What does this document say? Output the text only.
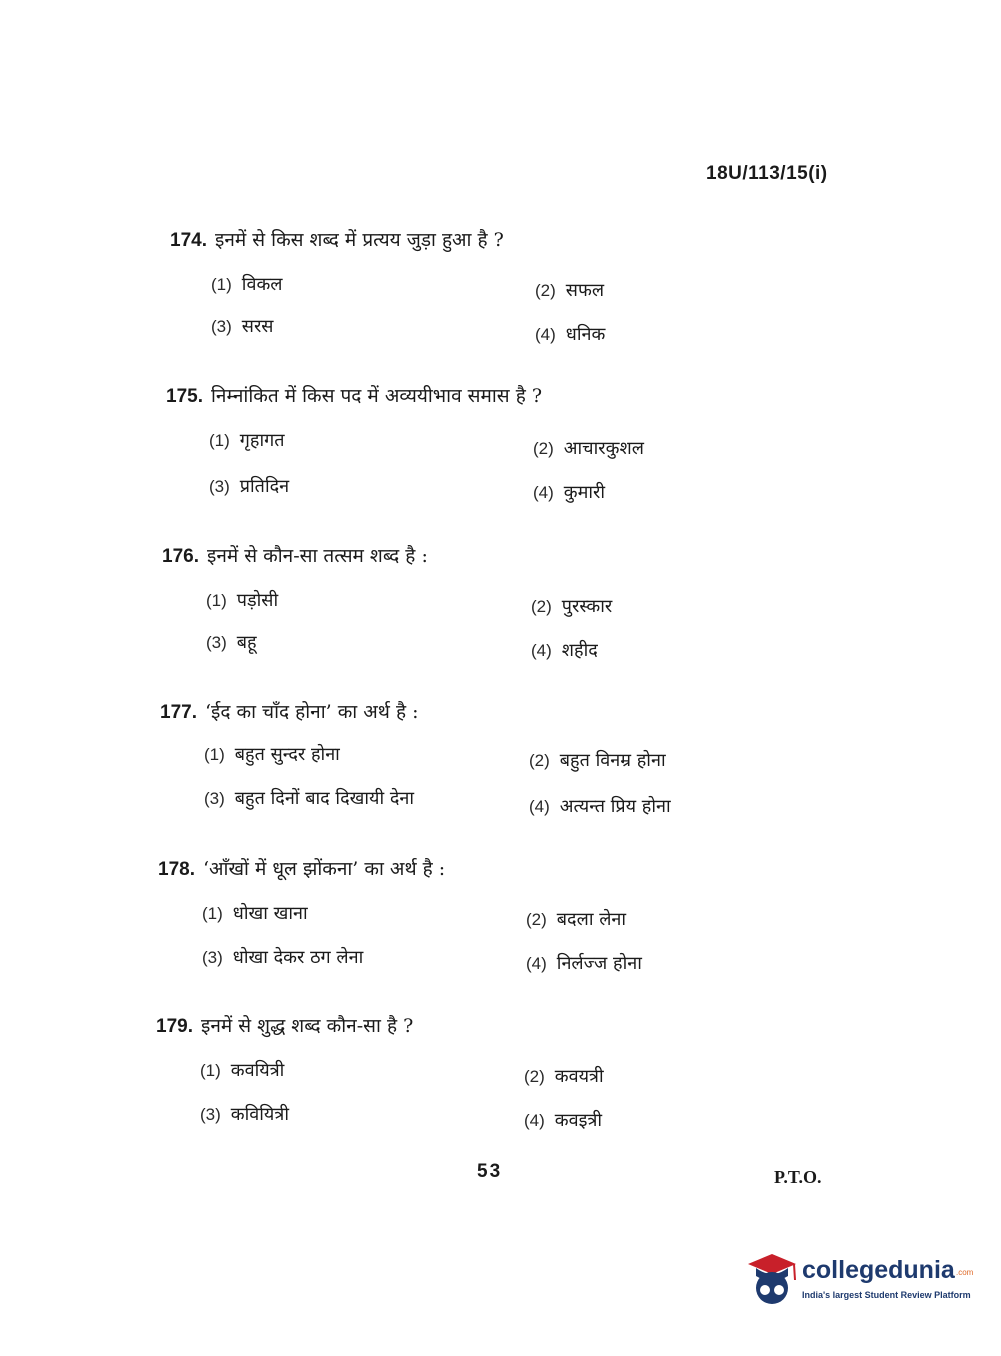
18U/113/15(i)
174. इनमें से किस शब्द में प्रत्यय जुड़ा हुआ है ?
(1) विकल	(2) सफल
(3) सरस	(4) धनिक
175. निम्नांकित में किस पद में अव्ययीभाव समास है ?
(1) गृहागत	(2) आचारकुशल
(3) प्रतिदिन	(4) कुमारी
176. इनमें से कौन-सा तत्सम शब्द है :
(1) पड़ोसी	(2) पुरस्कार
(3) बहू	(4) शहीद
177. ‘ईद का चाँद होना’ का अर्थ है :
(1) बहुत सुन्दर होना	(2) बहुत विनम्र होना
(3) बहुत दिनों बाद दिखायी देना	(4) अत्यन्त प्रिय होना
178. ‘आँखों में धूल झोंकना’ का अर्थ है :
(1) धोखा खाना	(2) बदला लेना
(3) धोखा देकर ठग लेना	(4) निर्लज्ज होना
179. इनमें से शुद्ध शब्द कौन-सा है ?
(1) कवयित्री	(2) कवयत्री
(3) कवियित्री	(4) कवइत्री
53	P.T.O.
collegedunia .com
India's largest Student Review Platform
